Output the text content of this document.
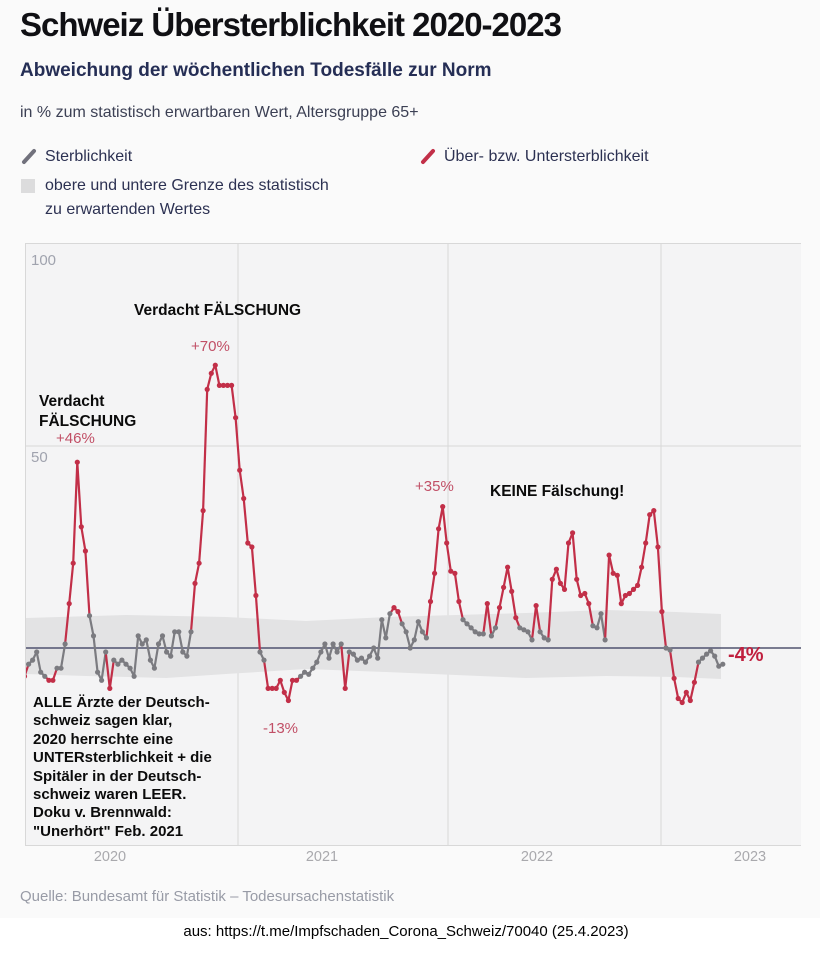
Schweiz Übersterblichkeit 2020-2023
Abweichung der wöchentlichen Todesfälle zur Norm
in % zum statistisch erwartbaren Wert, Altersgruppe 65+
Sterblichkeit	Über- bzw. Untersterblichkeit
obere und untere Grenze des statistisch
zu erwartenden Wertes
100
50
Verdacht FÄLSCHUNG
Verdacht
FÄLSCHUNG
+46%
+70%
+35% KEINE Fälschung!
-13%
-4%
ALLE Ärzte der Deutsch-
schweiz sagen klar,
2020 herrschte eine
UNTERsterblichkeit + die
Spitäler in der Deutsch-
schweiz waren LEER.
Doku v. Brennwald:
"Unerhört" Feb. 2021
2020	2021	2022	2023
Quelle: Bundesamt für Statistik – Todesursachenstatistik
aus: https://t.me/Impfschaden_Corona_Schweiz/70040 (25.4.2023)
